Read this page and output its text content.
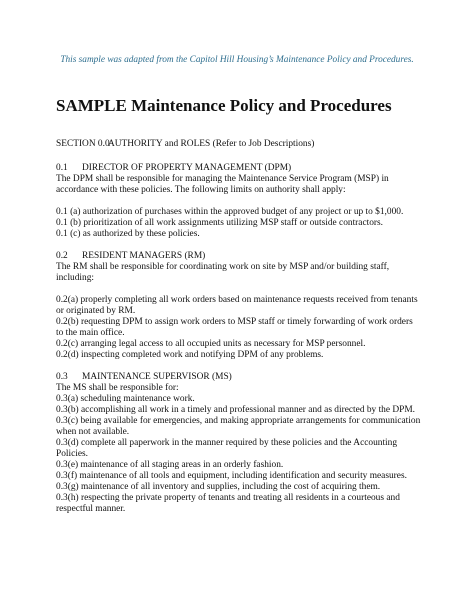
This sample was adapted from the Capitol Hill Housing’s Maintenance Policy and Procedures.
SAMPLE Maintenance Policy and Procedures
SECTION 0.0
AUTHORITY and ROLES (Refer to Job Descriptions)
0.1 DIRECTOR OF PROPERTY MANAGEMENT (DPM)
The DPM shall be responsible for managing the Maintenance Service Program (MSP) in
accordance with these policies. The following limits on authority shall apply:
0.1 (a) authorization of purchases within the approved budget of any project or up to $1,000.
0.1 (b) prioritization of all work assignments utilizing MSP staff or outside contractors.
0.1 (c) as authorized by these policies.
0.2 RESIDENT MANAGERS (RM)
The RM shall be responsible for coordinating work on site by MSP and/or building staff,
including:
0.2(a) properly completing all work orders based on maintenance requests received from tenants
or originated by RM.
0.2(b) requesting DPM to assign work orders to MSP staff or timely forwarding of work orders
to the main office.
0.2(c) arranging legal access to all occupied units as necessary for MSP personnel.
0.2(d) inspecting completed work and notifying DPM of any problems.
0.3 MAINTENANCE SUPERVISOR (MS)
The MS shall be responsible for:
0.3(a) scheduling maintenance work.
0.3(b) accomplishing all work in a timely and professional manner and as directed by the DPM.
0.3(c) being available for emergencies, and making appropriate arrangements for communication
when not available.
0.3(d) complete all paperwork in the manner required by these policies and the Accounting
Policies.
0.3(e) maintenance of all staging areas in an orderly fashion.
0.3(f) maintenance of all tools and equipment, including identification and security measures.
0.3(g) maintenance of all inventory and supplies, including the cost of acquiring them.
0.3(h) respecting the private property of tenants and treating all residents in a courteous and
respectful manner.
